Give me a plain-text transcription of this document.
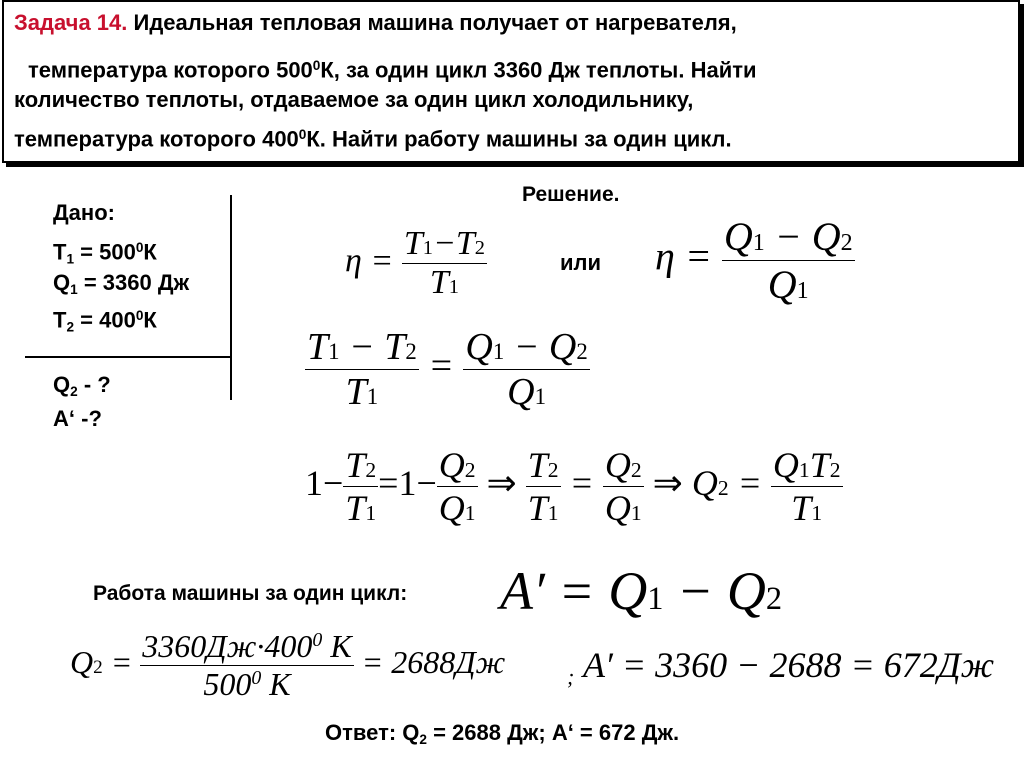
Задача 14. Идеальная тепловая машина получает от нагревателя,
температура которого $500^0К$, за один цикл 3360 Дж теплоты. Найти
количество теплоты, отдаваемое за один цикл холодильнику,
температура которого $400^0К$. Найти работу машины за один цикл.
Дано:
$T_1 = 500^0К$
$Q_1 = 3360$ Дж
$T_2 = 400^0К$
$Q_2$ - ?
А‘ -?
Решение.
$\eta = \frac{T1-T2}{T1}$	или $\eta = \frac{Q1 - Q2}{Q1}$
$\frac{T1 - T2}{T1} = \frac{Q1 - Q2}{Q1}$
$1- \frac{T2}{T1} =1- \frac{Q2}{Q1}$ ⇒ $\frac{T2}{T1} = \frac{Q2}{Q1}$ ⇒ $Q2 = \frac{Q1T2}{T1}$
Работа машины за один цикл: A′ = Q1 − Q2
$Q2 = \frac{3360Дж\cdot 400^0 К}{500^0 К} = 2688Дж$	; A′ = 3360 − 2688 = 672Дж
Ответ: $Q_2 = 2688$ Дж; А‘ = 672 Дж.
